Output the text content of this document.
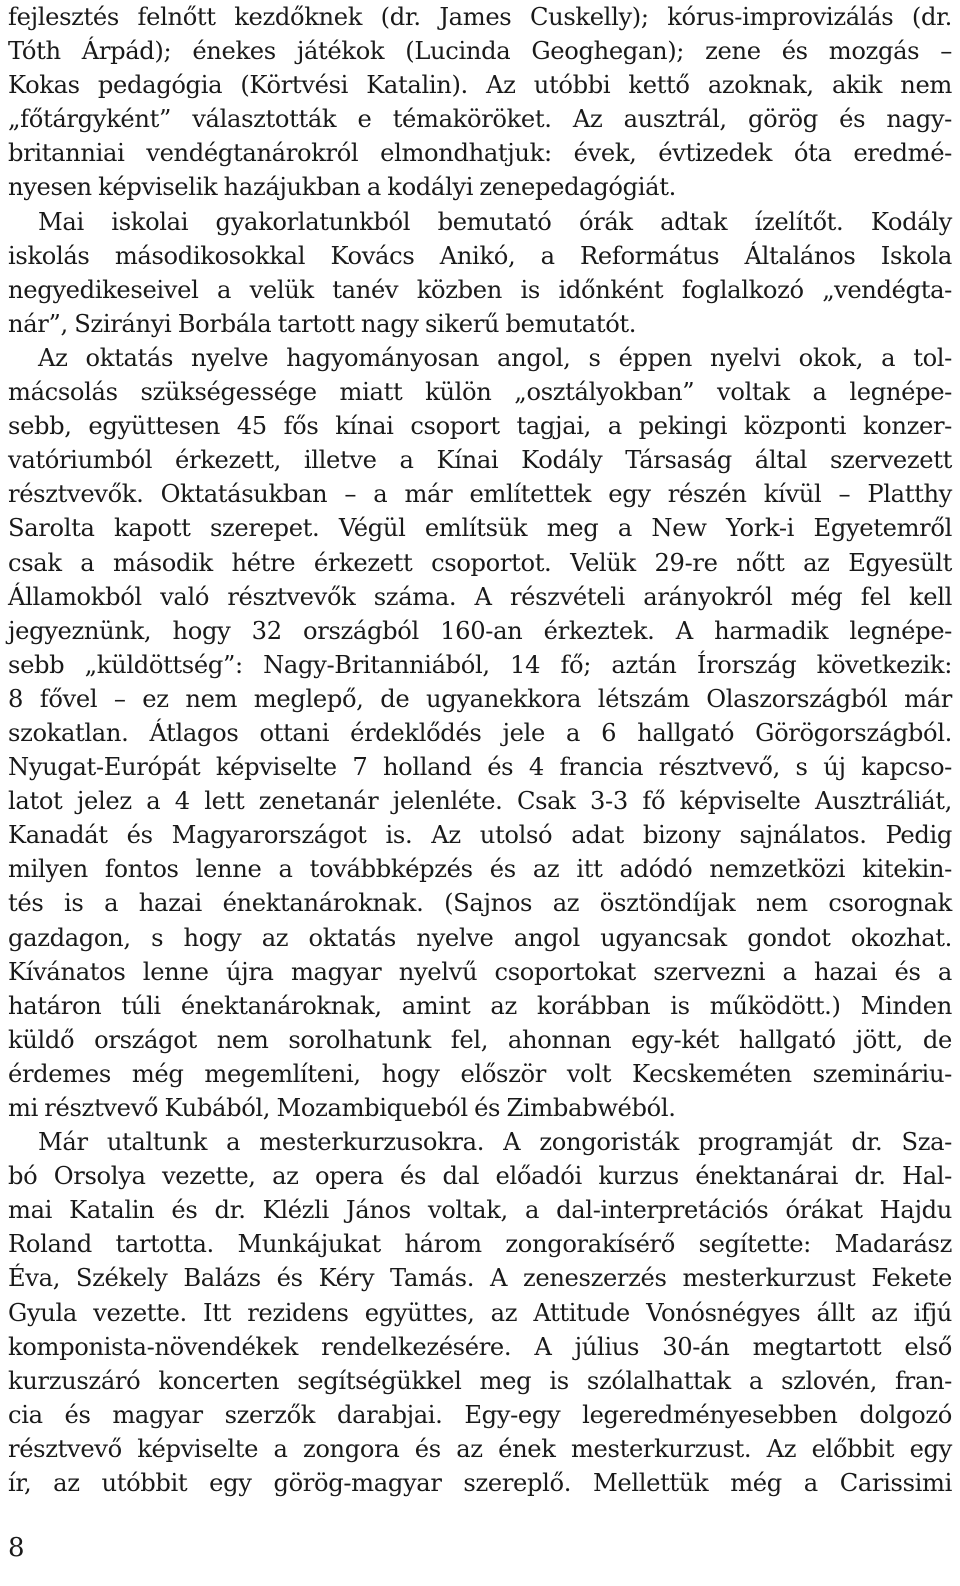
fejlesztés felnőtt kezdőknek (dr. James Cuskelly); kórus-improvizálás (dr.
Tóth Árpád); énekes játékok (Lucinda Geoghegan); zene és mozgás –
Kokas pedagógia (Körtvési Katalin). Az utóbbi kettő azoknak, akik nem
„főtárgyként” választották e témaköröket. Az ausztrál, görög és nagy-
britanniai vendégtanárokról elmondhatjuk: évek, évtizedek óta eredmé-
nyesen képviselik hazájukban a kodályi zenepedagógiát.
Mai iskolai gyakorlatunkból bemutató órák adtak ízelítőt. Kodály
iskolás másodikosokkal Kovács Anikó, a Református Általános Iskola
negyedikeseivel a velük tanév közben is időnként foglalkozó „vendégta-
nár”, Szirányi Borbála tartott nagy sikerű bemutatót.
Az oktatás nyelve hagyományosan angol, s éppen nyelvi okok, a tol-
mácsolás szükségessége miatt külön „osztályokban” voltak a legnépe-
sebb, együttesen 45 fős kínai csoport tagjai, a pekingi központi konzer-
vatóriumból érkezett, illetve a Kínai Kodály Társaság által szervezett
résztvevők. Oktatásukban – a már említettek egy részén kívül – Platthy
Sarolta kapott szerepet. Végül említsük meg a New York-i Egyetemről
csak a második hétre érkezett csoportot. Velük 29-re nőtt az Egyesült
Államokból való résztvevők száma. A részvételi arányokról még fel kell
jegyeznünk, hogy 32 országból 160-an érkeztek. A harmadik legnépe-
sebb „küldöttség”: Nagy-Britanniából, 14 fő; aztán Írország következik:
8 fővel – ez nem meglepő, de ugyanekkora létszám Olaszországból már
szokatlan. Átlagos ottani érdeklődés jele a 6 hallgató Görögországból.
Nyugat-Európát képviselte 7 holland és 4 francia résztvevő, s új kapcso-
latot jelez a 4 lett zenetanár jelenléte. Csak 3-3 fő képviselte Ausztráliát,
Kanadát és Magyarországot is. Az utolsó adat bizony sajnálatos. Pedig
milyen fontos lenne a továbbképzés és az itt adódó nemzetközi kitekin-
tés is a hazai énektanároknak. (Sajnos az ösztöndíjak nem csorognak
gazdagon, s hogy az oktatás nyelve angol ugyancsak gondot okozhat.
Kívánatos lenne újra magyar nyelvű csoportokat szervezni a hazai és a
határon túli énektanároknak, amint az korábban is működött.) Minden
küldő országot nem sorolhatunk fel, ahonnan egy-két hallgató jött, de
érdemes még megemlíteni, hogy először volt Kecskeméten szemináriu-
mi résztvevő Kubából, Mozambiqueból és Zimbabwéból.
Már utaltunk a mesterkurzusokra. A zongoristák programját dr. Sza-
bó Orsolya vezette, az opera és dal előadói kurzus énektanárai dr. Hal-
mai Katalin és dr. Klézli János voltak, a dal-interpretációs órákat Hajdu
Roland tartotta. Munkájukat három zongorakísérő segítette: Madarász
Éva, Székely Balázs és Kéry Tamás. A zeneszerzés mesterkurzust Fekete
Gyula vezette. Itt rezidens együttes, az Attitude Vonósnégyes állt az ifjú
komponista-növendékek rendelkezésére. A július 30-án megtartott első
kurzuszáró koncerten segítségükkel meg is szólalhattak a szlovén, fran-
cia és magyar szerzők darabjai. Egy-egy legeredményesebben dolgozó
résztvevő képviselte a zongora és az ének mesterkurzust. Az előbbit egy
ír, az utóbbit egy görög-magyar szereplő. Mellettük még a Carissimi
8
